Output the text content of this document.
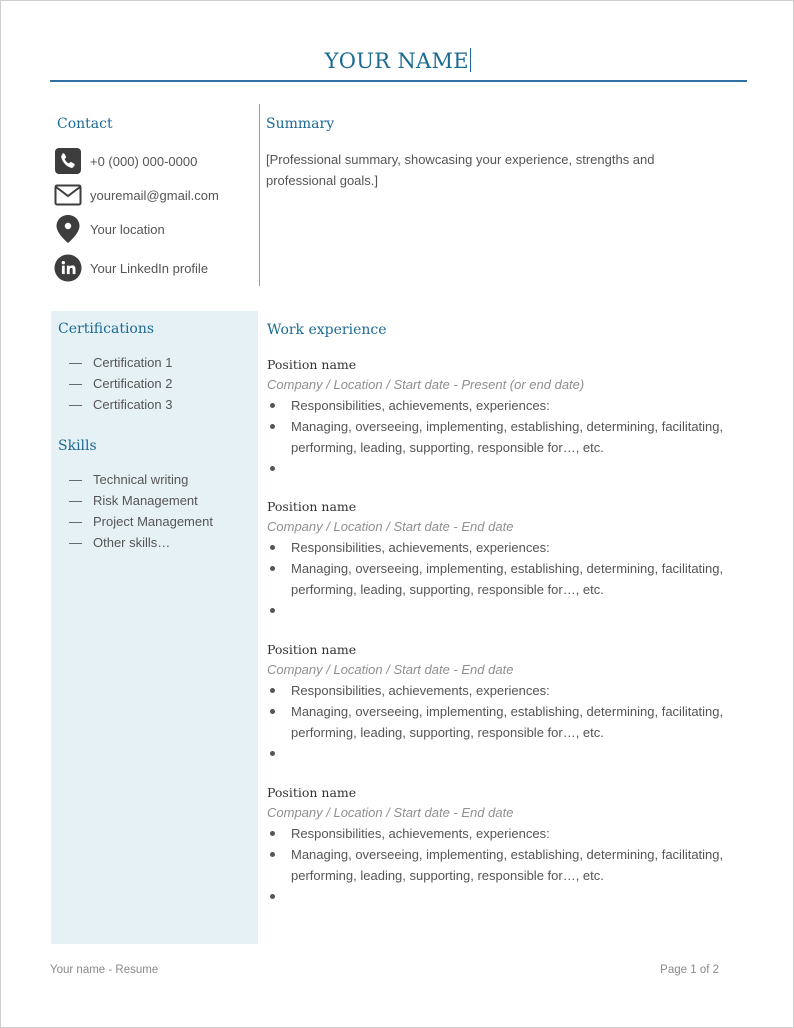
YOUR NAME
Contact
+0 (000) 000-0000
youremail@gmail.com
Your location
Your LinkedIn profile
Summary
[Professional summary, showcasing your experience, strengths and professional goals.]
Certifications
— Certification 1
— Certification 2
— Certification 3
Skills
— Technical writing
— Risk Management
— Project Management
— Other skills…
Work experience
Position name
Company / Location / Start date - Present (or end date)
Responsibilities, achievements, experiences:
Managing, overseeing, implementing, establishing, determining, facilitating, performing, leading, supporting, responsible for…, etc.
Position name
Company / Location / Start date - End date
Responsibilities, achievements, experiences:
Managing, overseeing, implementing, establishing, determining, facilitating, performing, leading, supporting, responsible for…, etc.
Position name
Company / Location / Start date - End date
Responsibilities, achievements, experiences:
Managing, overseeing, implementing, establishing, determining, facilitating, performing, leading, supporting, responsible for…, etc.
Position name
Company / Location / Start date - End date
Responsibilities, achievements, experiences:
Managing, overseeing, implementing, establishing, determining, facilitating, performing, leading, supporting, responsible for…, etc.
Your name - Resume	Page 1 of 2
